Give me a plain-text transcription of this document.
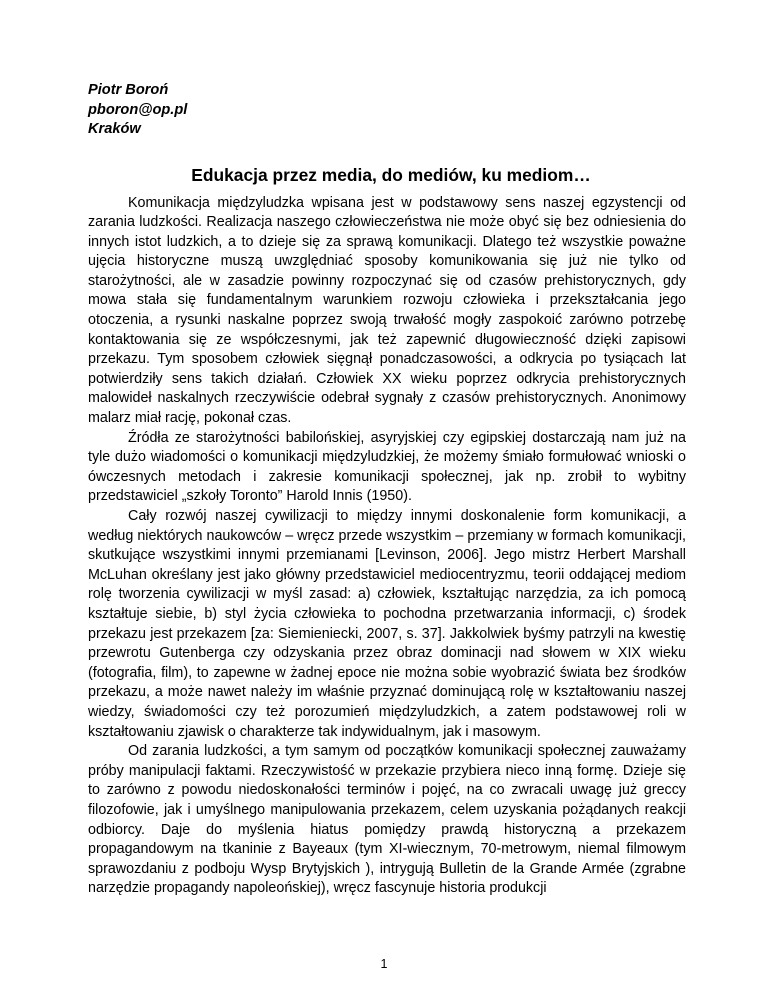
Piotr Boroń
pboron@op.pl
Kraków
Edukacja przez media, do mediów, ku mediom…

Komunikacja międzyludzka wpisana jest w podstawowy sens naszej egzystencji od zarania ludzkości. Realizacja naszego człowieczeństwa nie może obyć się bez odniesienia do innych istot ludzkich, a to dzieje się za sprawą komunikacji. Dlatego też wszystkie poważne ujęcia historyczne muszą uwzględniać sposoby komunikowania się już nie tylko od starożytności, ale w zasadzie powinny rozpoczynać się od czasów prehistorycznych, gdy mowa stała się fundamentalnym warunkiem rozwoju człowieka i przekształcania jego otoczenia, a rysunki naskalne poprzez swoją trwałość mogły zaspokoić zarówno potrzebę kontaktowania się ze współczesnymi, jak też zapewnić długowieczność dzięki zapisowi przekazu. Tym sposobem człowiek sięgnął ponadczasowości, a odkrycia po tysiącach lat potwierdziły sens takich działań. Człowiek XX wieku poprzez odkrycia prehistorycznych malowideł naskalnych rzeczywiście odebrał sygnały z czasów prehistorycznych. Anonimowy malarz miał rację, pokonał czas.

Źródła ze starożytności babilońskiej, asyryjskiej czy egipskiej dostarczają nam już na tyle dużo wiadomości o komunikacji międzyludzkiej, że możemy śmiało formułować wnioski o ówczesnych metodach i zakresie komunikacji społecznej, jak np. zrobił to wybitny przedstawiciel „szkoły Toronto” Harold Innis (1950).

Cały rozwój naszej cywilizacji to między innymi doskonalenie form komunikacji, a według niektórych naukowców – wręcz przede wszystkim – przemiany w formach komunikacji, skutkujące wszystkimi innymi przemianami [Levinson, 2006]. Jego mistrz Herbert Marshall McLuhan określany jest jako główny przedstawiciel mediocentryzmu, teorii oddającej mediom rolę tworzenia cywilizacji w myśl zasad: a) człowiek, kształtując narzędzia, za ich pomocą kształtuje siebie, b) styl życia człowieka to pochodna przetwarzania informacji, c) środek przekazu jest przekazem [za: Siemieniecki, 2007, s. 37]. Jakkolwiek byśmy patrzyli na kwestię przewrotu Gutenberga czy odzyskania przez obraz dominacji nad słowem w XIX wieku (fotografia, film), to zapewne w żadnej epoce nie można sobie wyobrazić świata bez środków przekazu, a może nawet należy im właśnie przyznać dominującą rolę w kształtowaniu naszej wiedzy, świadomości czy też porozumień międzyludzkich, a zatem podstawowej roli w kształtowaniu zjawisk o charakterze tak indywidualnym, jak i masowym.

Od zarania ludzkości, a tym samym od początków komunikacji społecznej zauważamy próby manipulacji faktami. Rzeczywistość w przekazie przybiera nieco inną formę. Dzieje się to zarówno z powodu niedoskonałości terminów i pojęć, na co zwracali uwagę już greccy filozofowie, jak i umyślnego manipulowania przekazem, celem uzyskania pożądanych reakcji odbiorcy. Daje do myślenia hiatus pomiędzy prawdą historyczną a przekazem propagandowym na tkaninie z Bayeaux (tym XI-wiecznym, 70-metrowym, niemal filmowym sprawozdaniu z podboju Wysp Brytyjskich ), intrygują Bulletin de la Grande Armée (zgrabne narzędzie propagandy napoleońskiej), wręcz fascynuje historia produkcji

1
